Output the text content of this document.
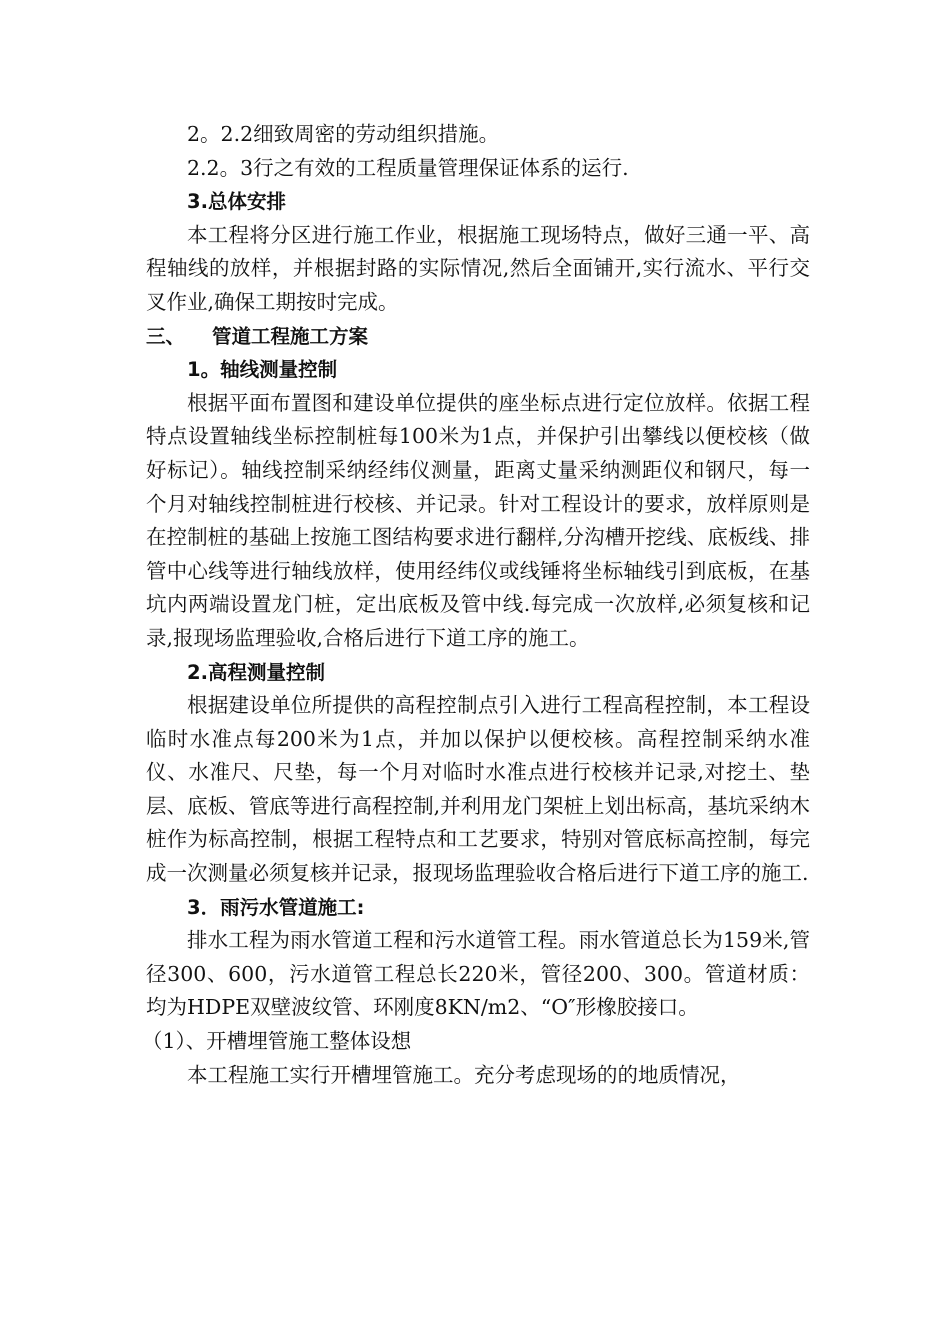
2。2.2细致周密的劳动组织措施。

2.2。3行之有效的工程质量管理保证体系的运行.

3.总体安排

本工程将分区进行施工作业，根据施工现场特点，做好三通一平、高程轴线的放样，并根据封路的实际情况,然后全面铺开,实行流水、平行交叉作业,确保工期按时完成。

三、	管道工程施工方案

1。轴线测量控制

根据平面布置图和建设单位提供的座坐标点进行定位放样。依据工程特点设置轴线坐标控制桩每100米为1点，并保护引出攀线以便校核（做好标记）。轴线控制采纳经纬仪测量，距离丈量采纳测距仪和钢尺，每一个月对轴线控制桩进行校核、并记录。针对工程设计的要求，放样原则是在控制桩的基础上按施工图结构要求进行翻样,分沟槽开挖线、底板线、排管中心线等进行轴线放样，使用经纬仪或线锤将坐标轴线引到底板，在基坑内两端设置龙门桩，定出底板及管中线.每完成一次放样,必须复核和记录,报现场监理验收,合格后进行下道工序的施工。

2.高程测量控制

根据建设单位所提供的高程控制点引入进行工程高程控制，本工程设临时水准点每200米为1点，并加以保护以便校核。高程控制采纳水准仪、水准尺、尺垫，每一个月对临时水准点进行校核并记录,对挖土、垫层、底板、管底等进行高程控制,并利用龙门架桩上划出标高，基坑采纳木桩作为标高控制，根据工程特点和工艺要求，特别对管底标高控制，每完成一次测量必须复核并记录，报现场监理验收合格后进行下道工序的施工.

3．雨污水管道施工:

排水工程为雨水管道工程和污水道管工程。雨水管道总长为159米,管径300、600，污水道管工程总长220米，管径200、300。管道材质：均为HDPE双壁波纹管、环刚度8KN/m2、“O″形橡胶接口。

（1）、开槽埋管施工整体设想

本工程施工实行开槽埋管施工。充分考虑现场的的地质情况，
